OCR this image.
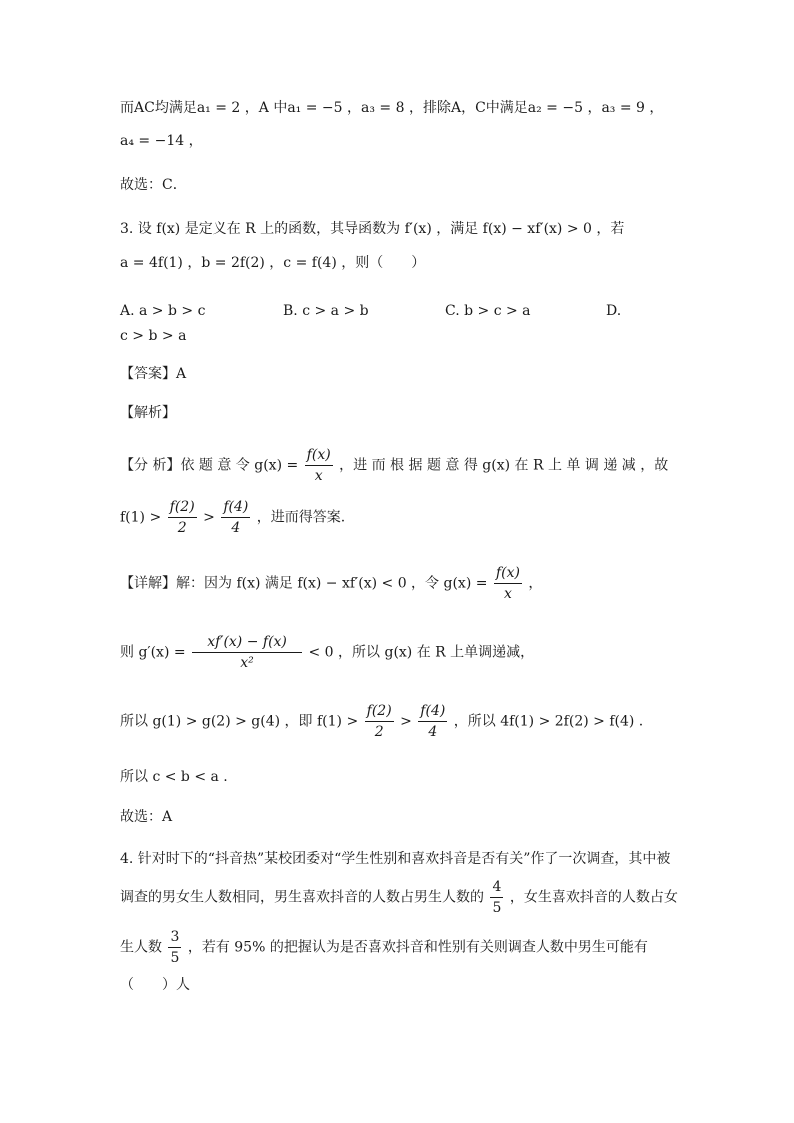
而AC均满足a₁ = 2 ，A 中a₁ = −5 ，a₃ = 8 ，排除A，C中满足a₂ = −5 ，a₃ = 9 ，
a₄ = −14 ，
故选：C．
3. 设 f(x) 是定义在 R 上的函数，其导函数为 f′(x) ，满足 f(x) − xf′(x) > 0 ，若
a = 4f(1) ，b = 2f(2) ，c = f(4) ，则（　　）
A. a > b > c	B. c > a > b	C. b > c > a	D.
c > b > a
【答案】A
【解析】
【分 析】依 题 意 令 $g(x) = \frac{f(x)}{x}$ ，进 而 根 据 题 意 得 g(x) 在 R 上 单 调 递 减 ，故
$f(1) > \frac{f(2)}{2} > \frac{f(4)}{4}$ ，进而得答案.
【详解】解：因为 f(x) 满足 f(x) − xf′(x) < 0 ，令 $g(x) = \frac{f(x)}{x}$ ，
则 $g'(x) = \frac{xf'(x) - f(x)}{\text{x²}} < 0$ ，所以 g(x) 在 R 上单调递减，
所以 g(1) > g(2) > g(4) ，即 $f(1) > \frac{f(2)}{2} > \frac{f(4)}{4}$ ，所以 4f(1) > 2f(2) > f(4) .
所以 c < b < a .
故选：A
4. 针对时下的“抖音热”某校团委对“学生性别和喜欢抖音是否有关”作了一次调查，其中被
调查的男女生人数相同，男生喜欢抖音的人数占男生人数的 $\frac{4}{5}$ ，女生喜欢抖音的人数占女
生人数 $\frac{3}{5}$ ，若有 95% 的把握认为是否喜欢抖音和性别有关则调查人数中男生可能有
（　　）人
